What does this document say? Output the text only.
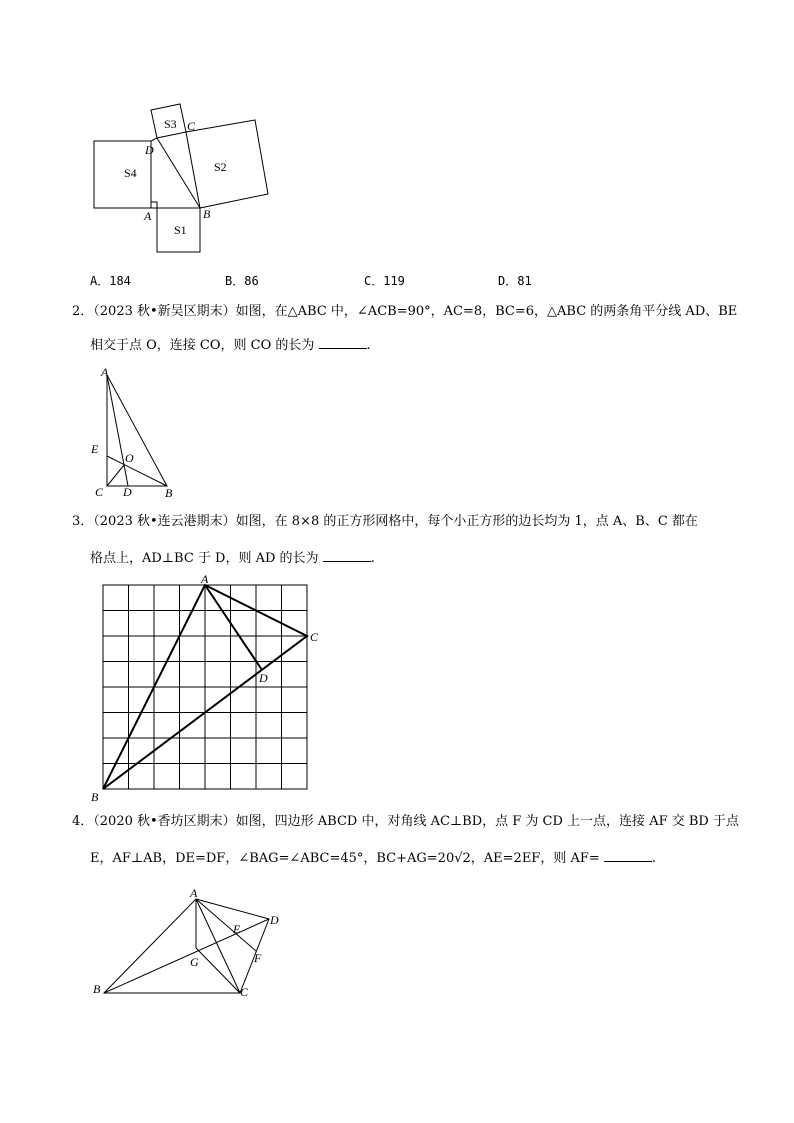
S3 C
D
S4	S2
A	B
S1
A．184	B．86	C．119	D．81
2．（2023 秋•新吴区期末）如图，在△ABC 中，∠ACB=90°，AC=8，BC=6，△ABC 的两条角平分线 AD、BE
相交于点 O，连接 CO，则 CO 的长为	.
A
E
O
C D	B
3．（2023 秋•连云港期末）如图，在 8×8 的正方形网格中，每个小正方形的边长均为 1，点 A、B、C 都在
格点上，AD⊥BC 于 D，则 AD 的长为	.
A
C
D
B
4．（2020 秋•香坊区期末）如图，四边形 ABCD 中，对角线 AC⊥BD，点 F 为 CD 上一点，连接 AF 交 BD 于点
E，AF⊥AB，DE=DF，∠BAG=∠ABC=45°，BC+AG=20√2，AE=2EF，则 AF=	.
A
D
E
G	F
B	C
